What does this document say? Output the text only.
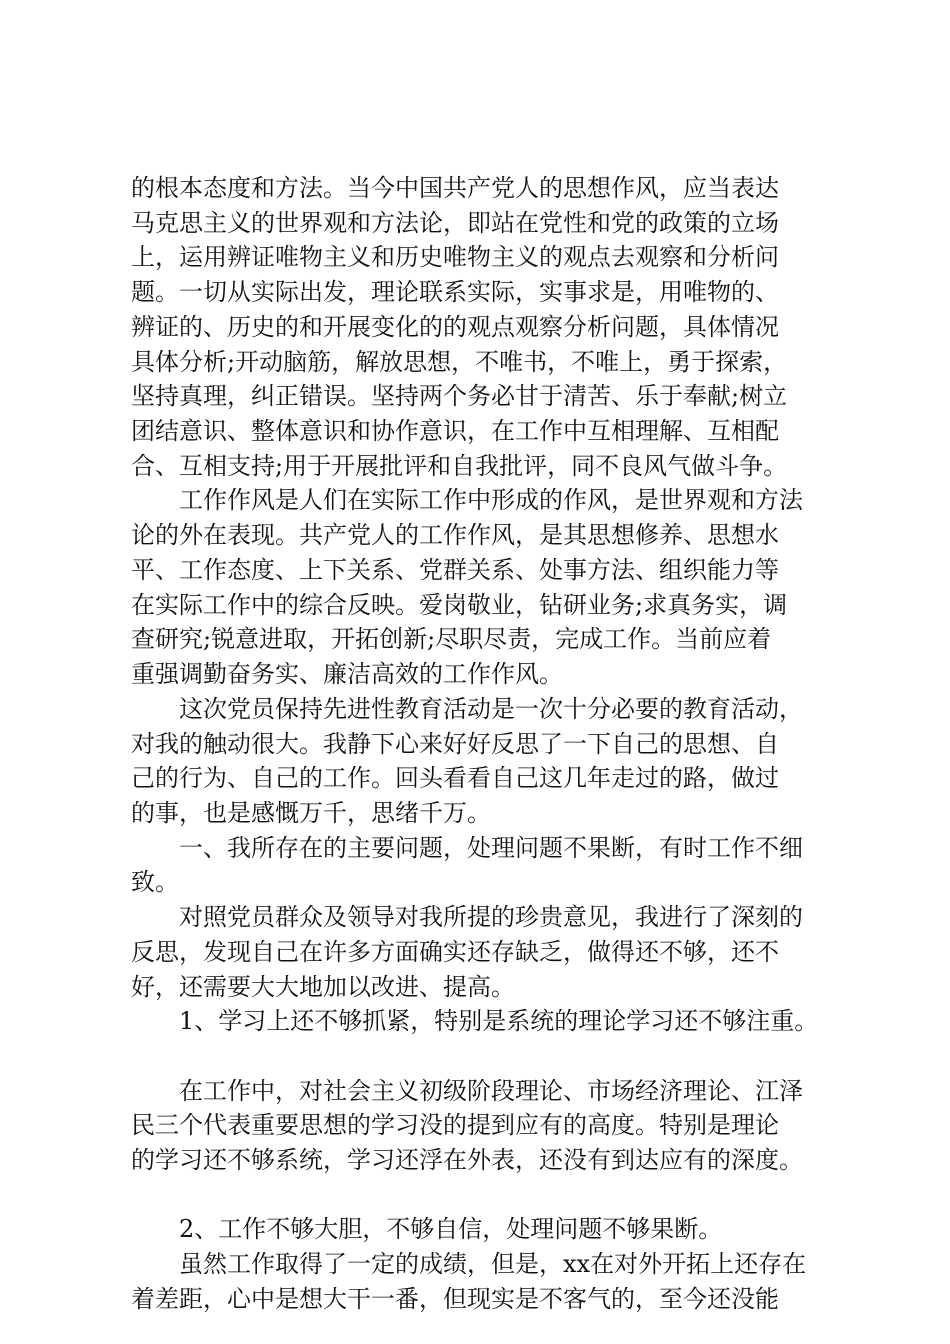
的根本态度和方法。当今中国共产党人的思想作风，应当表达
马克思主义的世界观和方法论，即站在党性和党的政策的立场
上，运用辨证唯物主义和历史唯物主义的观点去观察和分析问
题。一切从实际出发，理论联系实际，实事求是，用唯物的、
辨证的、历史的和开展变化的的观点观察分析问题，具体情况
具体分析;开动脑筋，解放思想，不唯书，不唯上，勇于探索，
坚持真理，纠正错误。坚持两个务必甘于清苦、乐于奉献;树立
团结意识、整体意识和协作意识，在工作中互相理解、互相配
合、互相支持;用于开展批评和自我批评，同不良风气做斗争。
工作作风是人们在实际工作中形成的作风，是世界观和方法
论的外在表现。共产党人的工作作风，是其思想修养、思想水
平、工作态度、上下关系、党群关系、处事方法、组织能力等
在实际工作中的综合反映。爱岗敬业，钻研业务;求真务实，调
查研究;锐意进取，开拓创新;尽职尽责，完成工作。当前应着
重强调勤奋务实、廉洁高效的工作作风。
这次党员保持先进性教育活动是一次十分必要的教育活动，
对我的触动很大。我静下心来好好反思了一下自己的思想、自
己的行为、自己的工作。回头看看自己这几年走过的路，做过
的事，也是感慨万千，思绪千万。
一、我所存在的主要问题，处理问题不果断，有时工作不细
致。
对照党员群众及领导对我所提的珍贵意见，我进行了深刻的
反思，发现自己在许多方面确实还存缺乏，做得还不够，还不
好，还需要大大地加以改进、提高。
1、学习上还不够抓紧，特别是系统的理论学习还不够注重。
在工作中，对社会主义初级阶段理论、市场经济理论、江泽
民三个代表重要思想的学习没的提到应有的高度。特别是理论
的学习还不够系统，学习还浮在外表，还没有到达应有的深度。
2、工作不够大胆，不够自信，处理问题不够果断。
虽然工作取得了一定的成绩，但是，xx在对外开拓上还存在
着差距，心中是想大干一番，但现实是不客气的，至今还没能
